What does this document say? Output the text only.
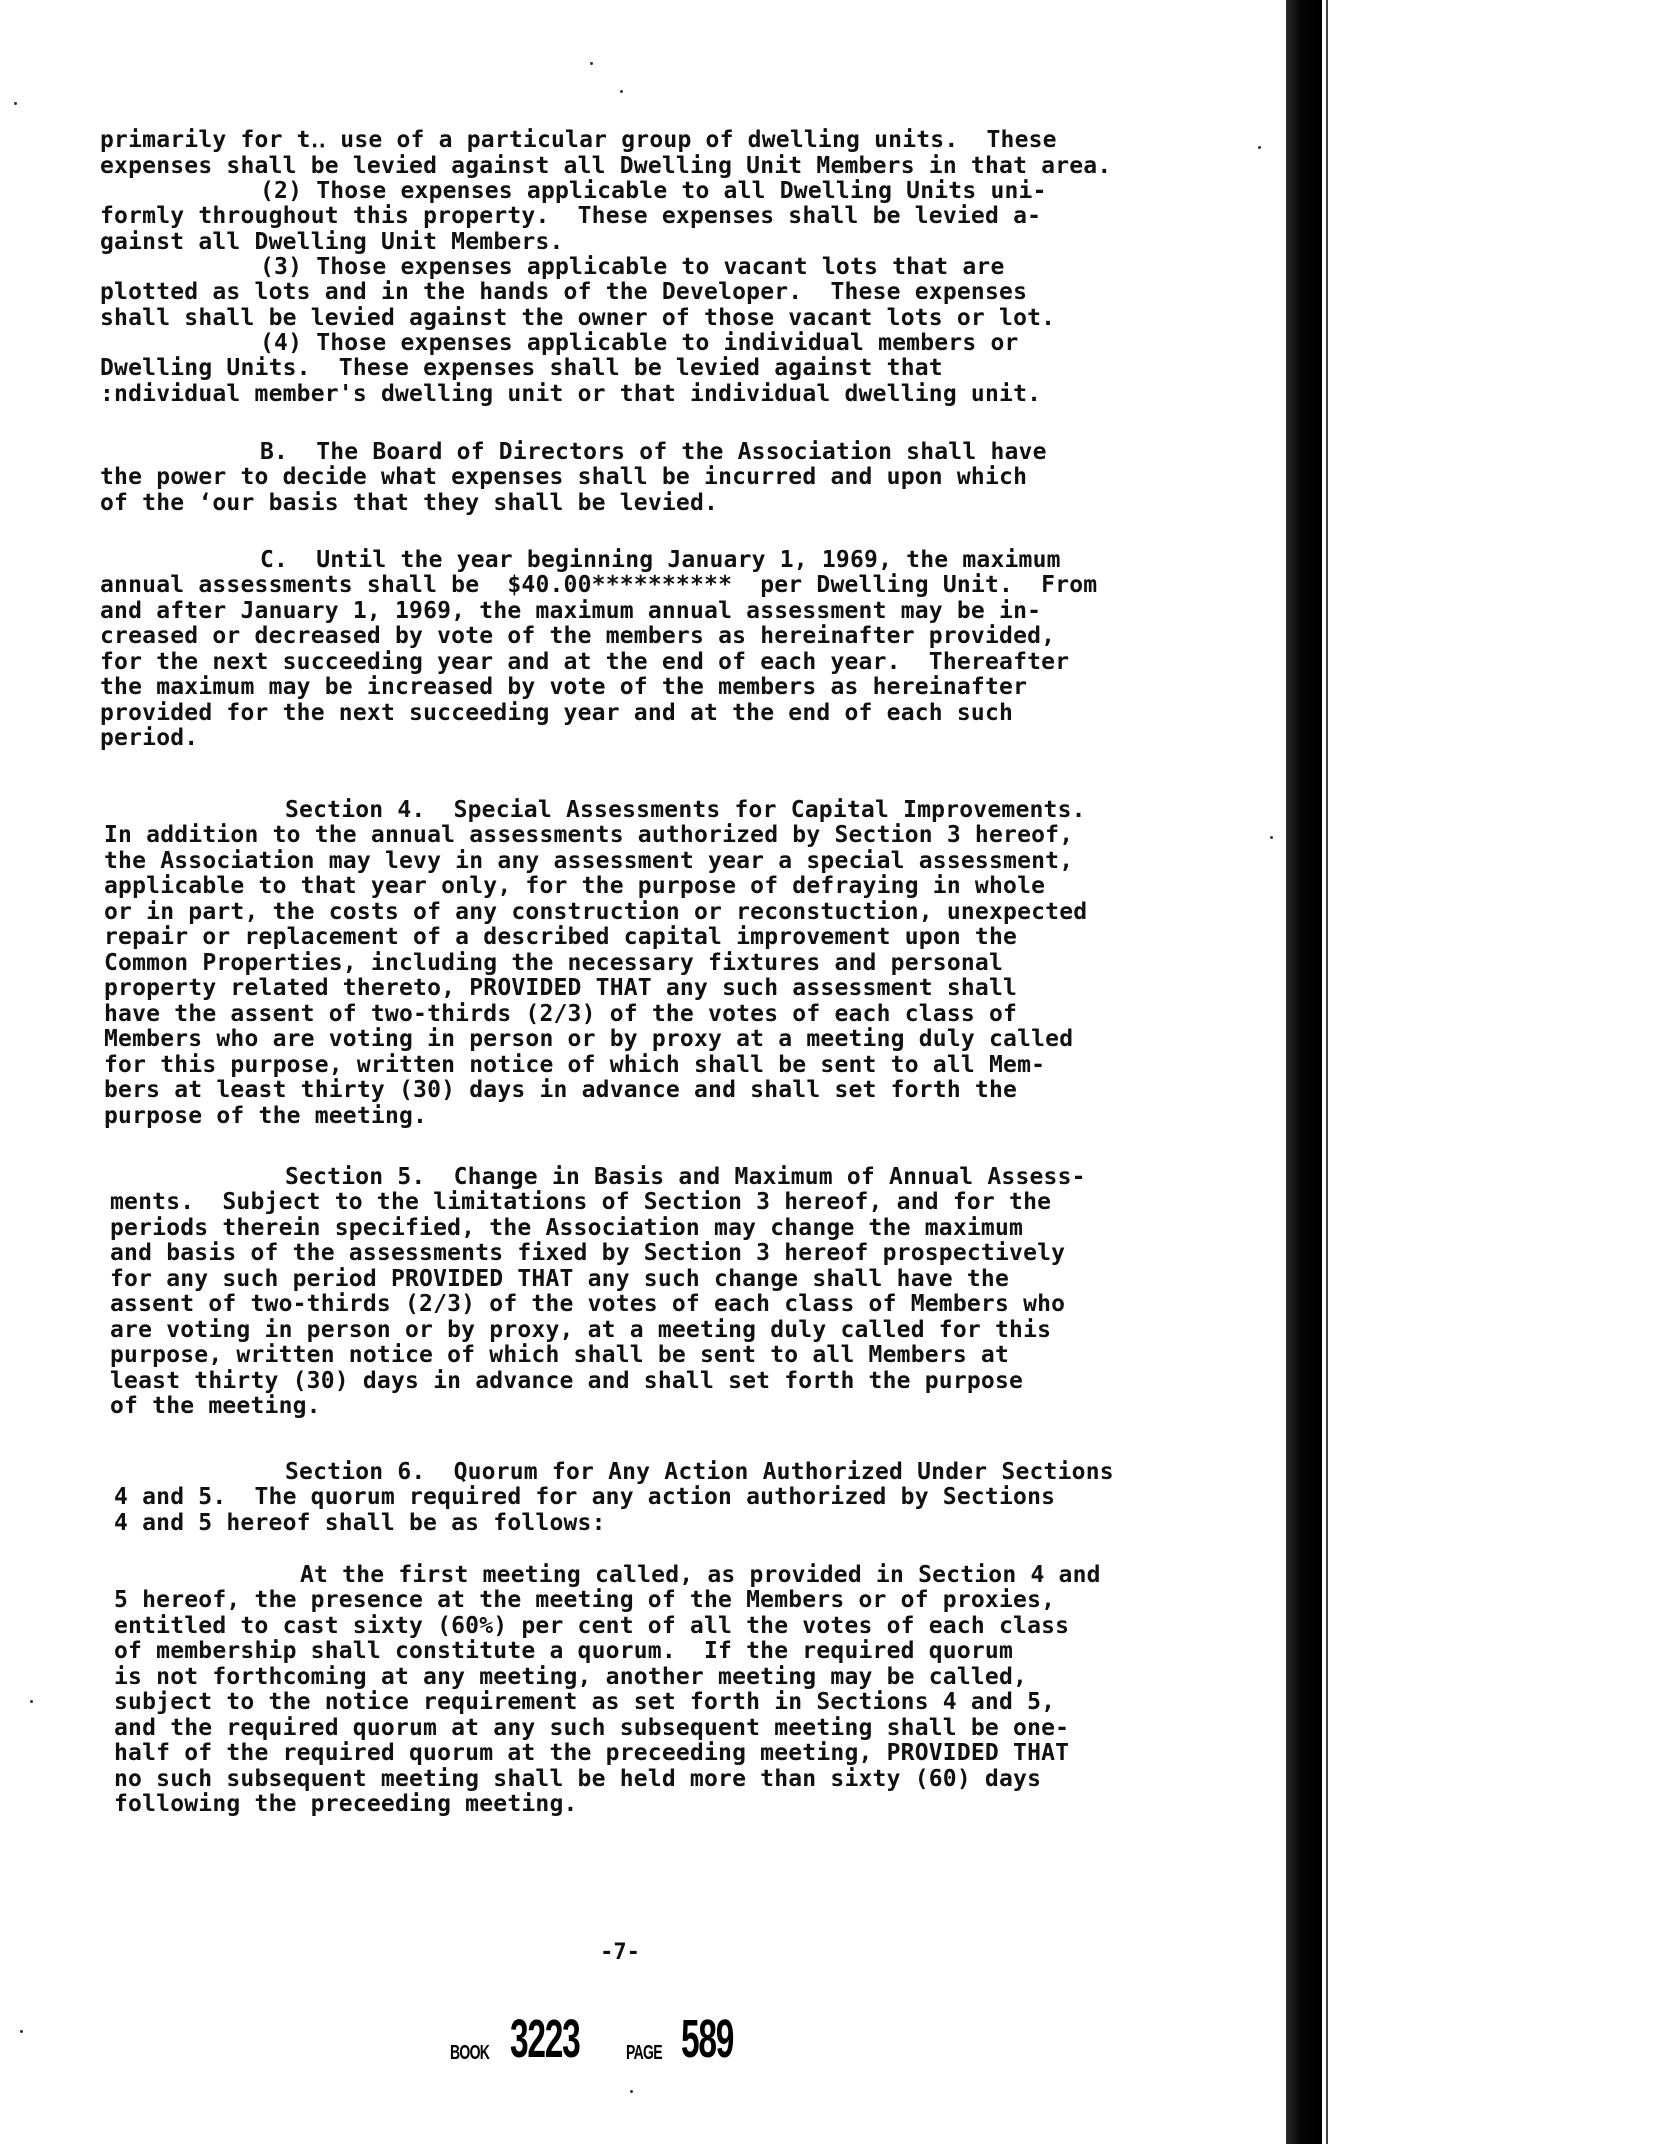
primarily for t‥ use of a particular group of dwelling units.  These
expenses shall be levied against all Dwelling Unit Members in that area.
(2) Those expenses applicable to all Dwelling Units uni-
formly throughout this property.  These expenses shall be levied a-
gainst all Dwelling Unit Members.
(3) Those expenses applicable to vacant lots that are
plotted as lots and in the hands of the Developer.  These expenses
shall shall be levied against the owner of those vacant lots or lot.
(4) Those expenses applicable to individual members or
Dwelling Units.  These expenses shall be levied against that
:ndividual member's dwelling unit or that individual dwelling unit.
B.  The Board of Directors of the Association shall have
the power to decide what expenses shall be incurred and upon which
of the ‘our basis that they shall be levied.
C.  Until the year beginning January 1, 1969, the maximum
annual assessments shall be  $40.00**********  per Dwelling Unit.  From
and after January 1, 1969, the maximum annual assessment may be in-
creased or decreased by vote of the members as hereinafter provided,
for the next succeeding year and at the end of each year.  Thereafter
the maximum may be increased by vote of the members as hereinafter
provided for the next succeeding year and at the end of each such
period.
Section 4.  Special Assessments for Capital Improvements.
In addition to the annual assessments authorized by Section 3 hereof,
the Association may levy in any assessment year a special assessment,
applicable to that year only, for the purpose of defraying in whole
or in part, the costs of any construction or reconstuction, unexpected
repair or replacement of a described capital improvement upon the
Common Properties, including the necessary fixtures and personal
property related thereto, PROVIDED THAT any such assessment shall
have the assent of two-thirds (2/3) of the votes of each class of
Members who are voting in person or by proxy at a meeting duly called
for this purpose, written notice of which shall be sent to all Mem-
bers at least thirty (30) days in advance and shall set forth the
purpose of the meeting.
Section 5.  Change in Basis and Maximum of Annual Assess-
ments.  Subject to the limitations of Section 3 hereof, and for the
periods therein specified, the Association may change the maximum
and basis of the assessments fixed by Section 3 hereof prospectively
for any such period PROVIDED THAT any such change shall have the
assent of two-thirds (2/3) of the votes of each class of Members who
are voting in person or by proxy, at a meeting duly called for this
purpose, written notice of which shall be sent to all Members at
least thirty (30) days in advance and shall set forth the purpose
of the meeting.
Section 6.  Quorum for Any Action Authorized Under Sections
4 and 5.  The quorum required for any action authorized by Sections
4 and 5 hereof shall be as follows:
At the first meeting called, as provided in Section 4 and
5 hereof, the presence at the meeting of the Members or of proxies,
entitled to cast sixty (60%) per cent of all the votes of each class
of membership shall constitute a quorum.  If the required quorum
is not forthcoming at any meeting, another meeting may be called,
subject to the notice requirement as set forth in Sections 4 and 5,
and the required quorum at any such subsequent meeting shall be one-
half of the required quorum at the preceeding meeting, PROVIDED THAT
no such subsequent meeting shall be held more than sixty (60) days
following the preceeding meeting.
-7-
BOOK 3223 PAGE 589
